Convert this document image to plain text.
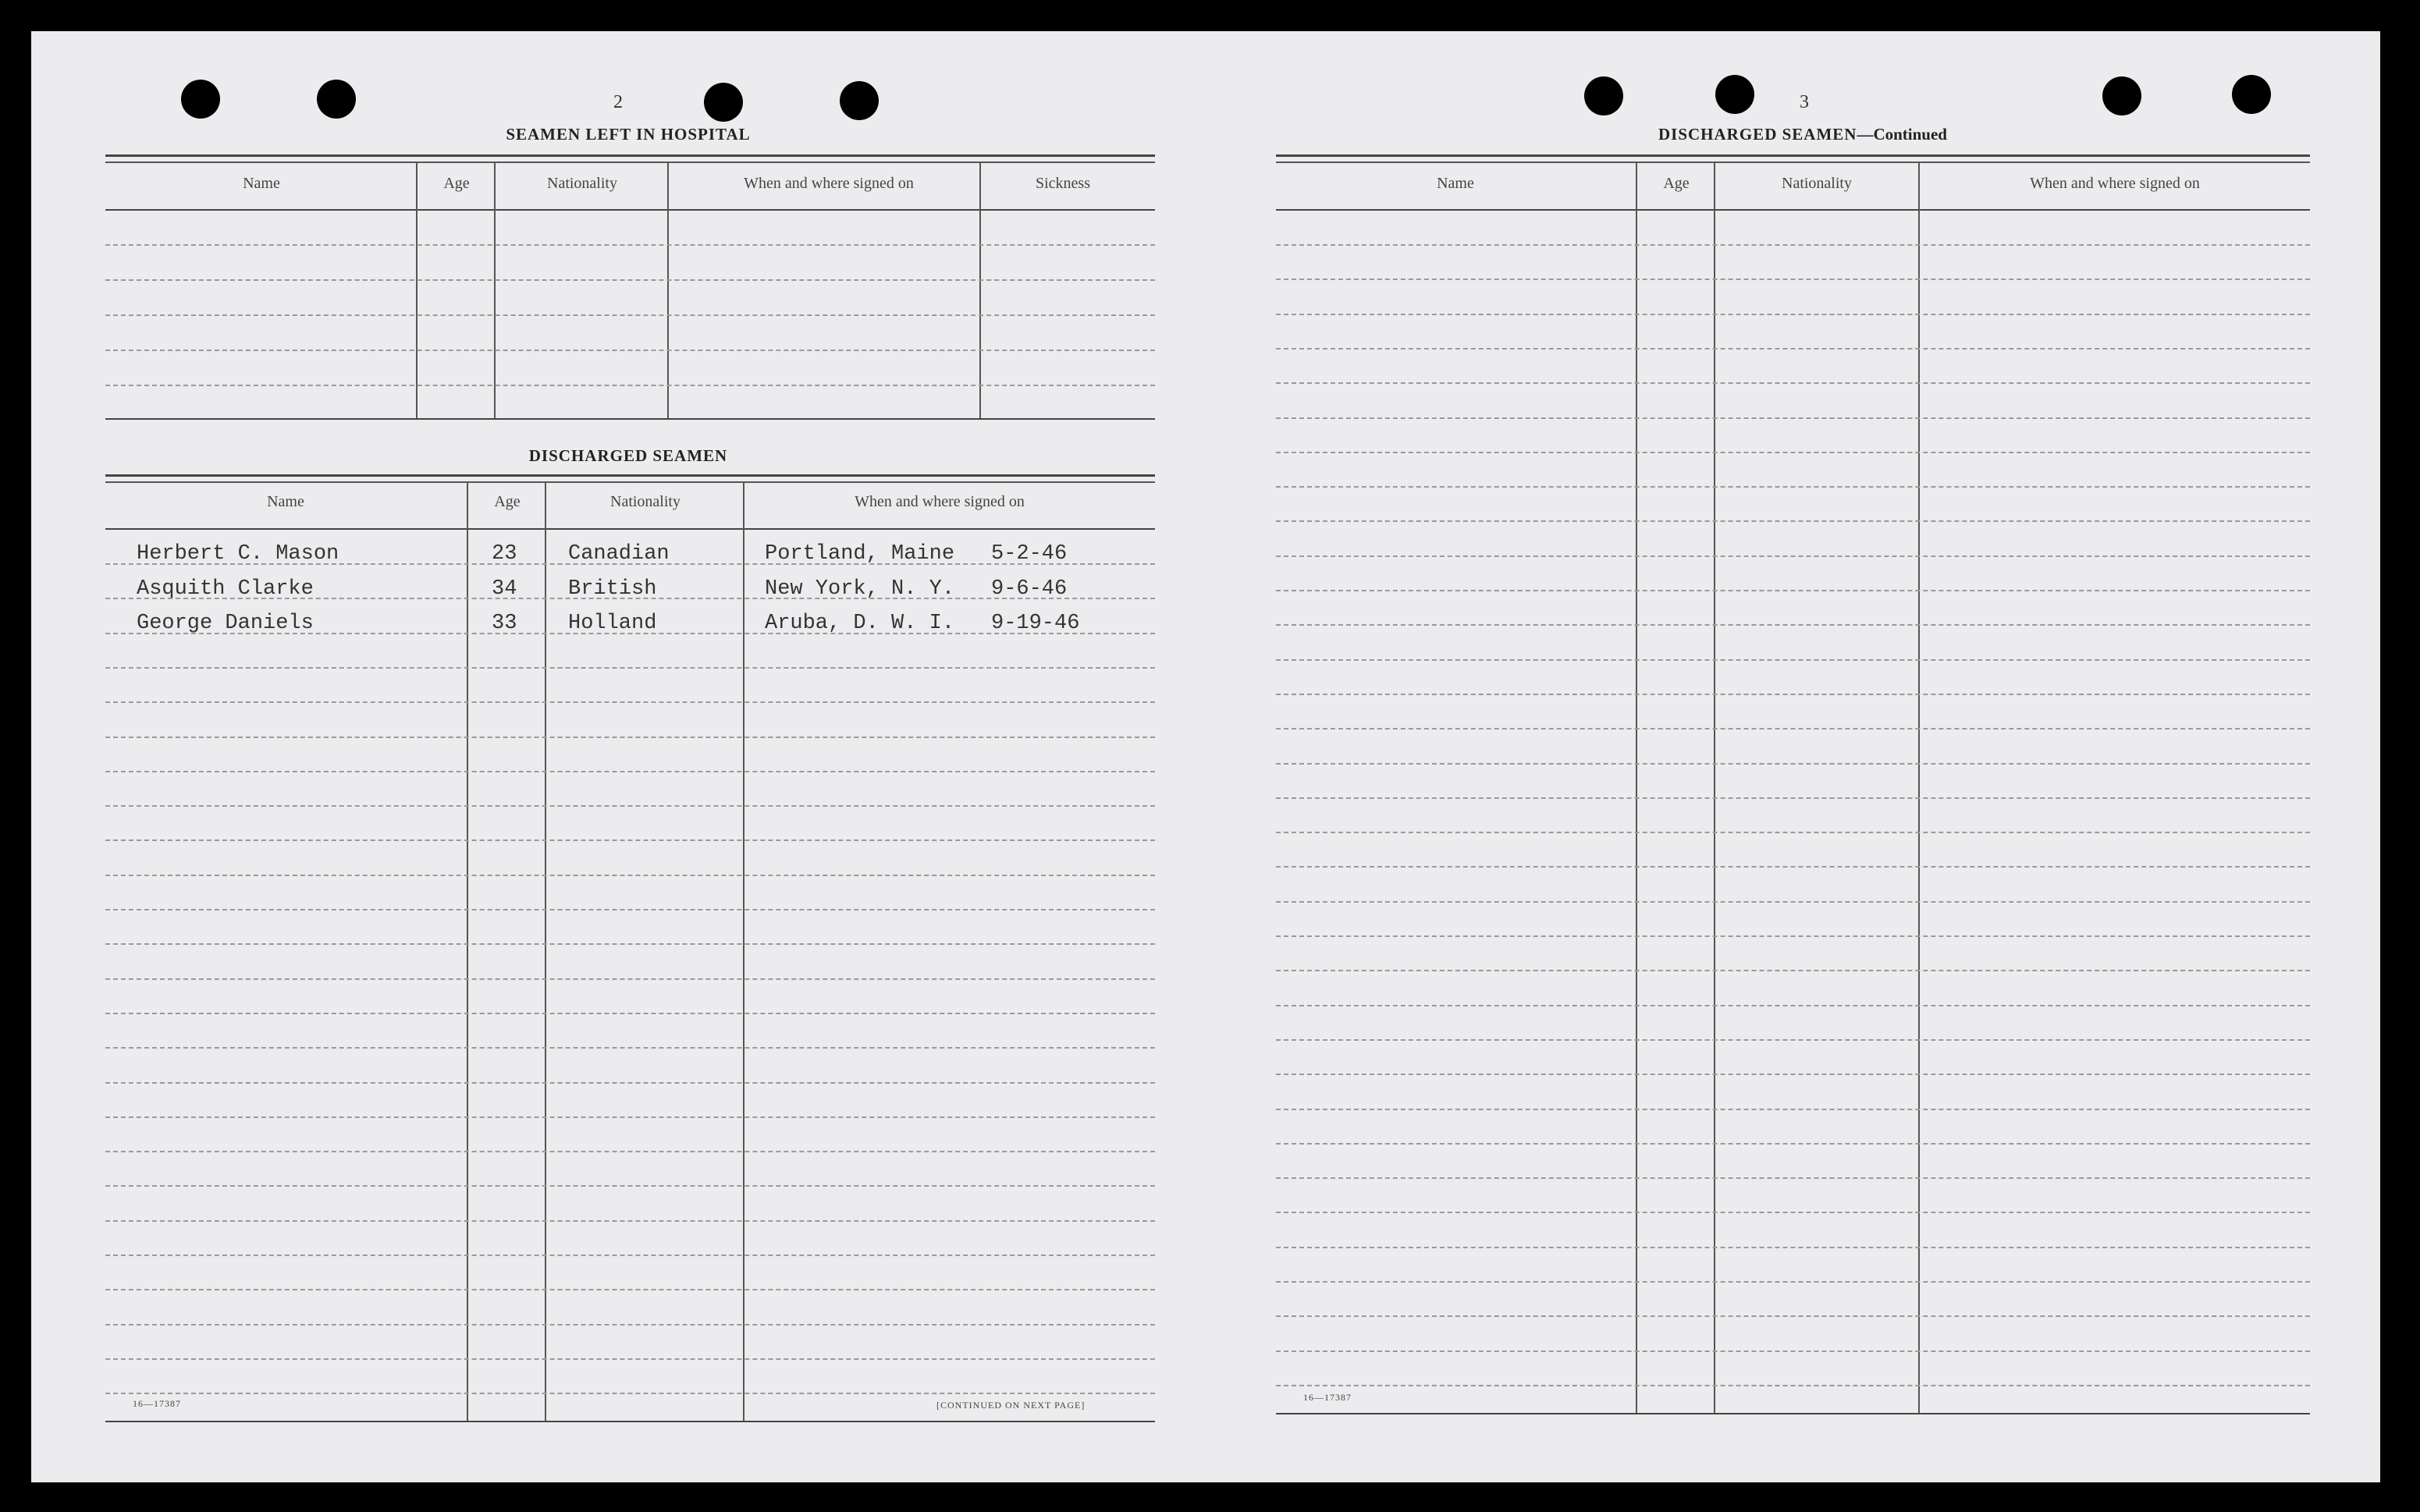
2
SEAMEN LEFT IN HOSPITAL
Name	Age	Nationality	When and where signed on	Sickness
DISCHARGED SEAMEN
Name	Age	Nationality	When and where signed on
Herbert C. Mason	23 Canadian	Portland, Maine 5-2-46
Asquith Clarke	34 British	New York, N. Y. 9-6-46
George Daniels	33 Holland	Aruba, D. W. I. 9-19-46
16—17387	[CONTINUED ON NEXT PAGE]
3
DISCHARGED SEAMEN—Continued
Name	Age	Nationality	When and where signed on
16—17387
